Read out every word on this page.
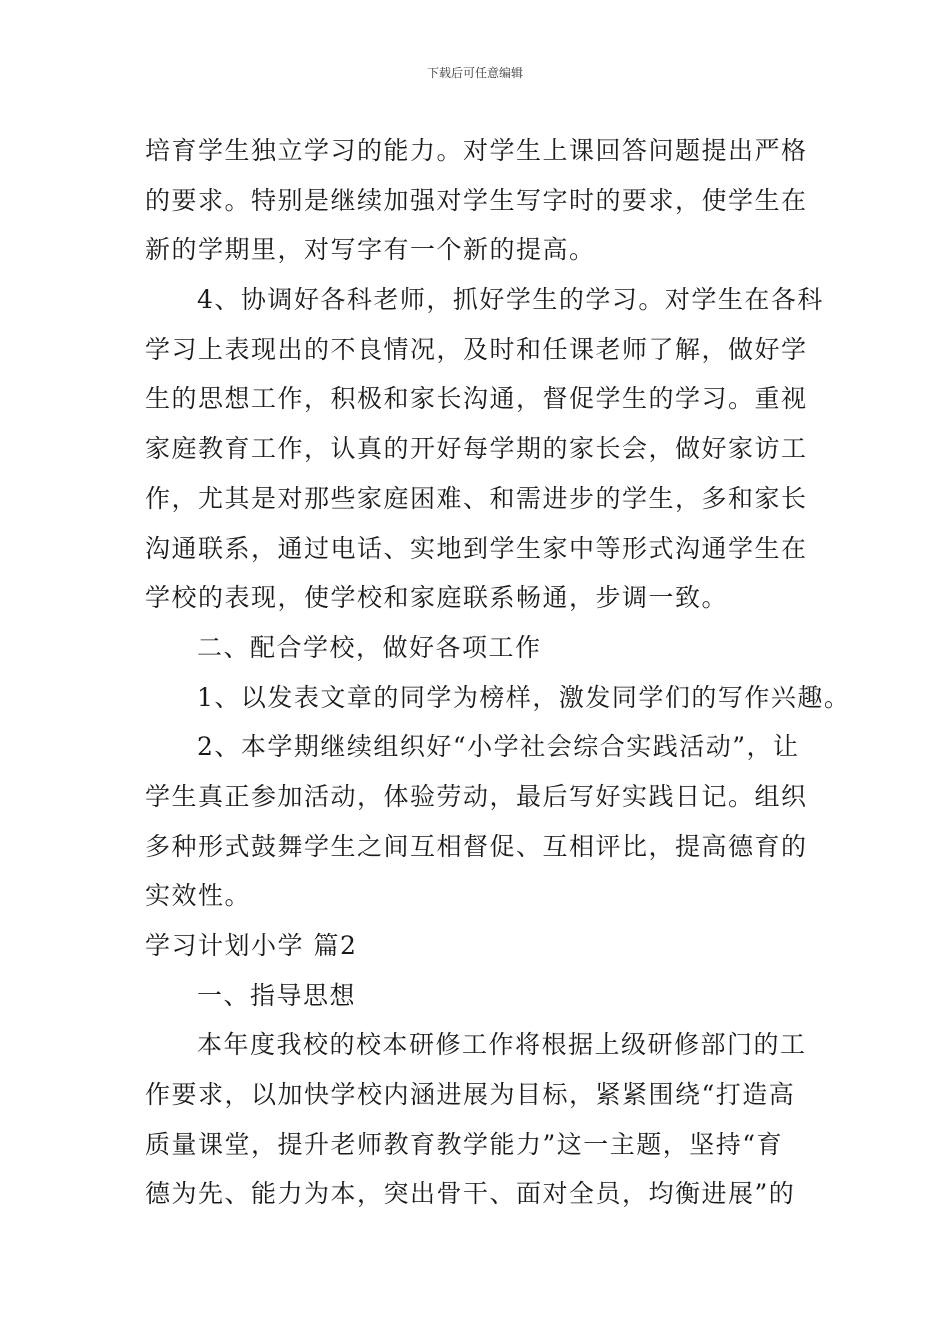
下载后可任意编辑
培育学生独立学习的能力。对学生上课回答问题提出严格
的要求。特别是继续加强对学生写字时的要求，使学生在
新的学期里，对写字有一个新的提高。
4、协调好各科老师，抓好学生的学习。对学生在各科
学习上表现出的不良情况，及时和任课老师了解，做好学
生的思想工作，积极和家长沟通，督促学生的学习。重视
家庭教育工作，认真的开好每学期的家长会，做好家访工
作，尤其是对那些家庭困难、和需进步的学生，多和家长
沟通联系，通过电话、实地到学生家中等形式沟通学生在
学校的表现，使学校和家庭联系畅通，步调一致。
二、配合学校，做好各项工作
1、以发表文章的同学为榜样，激发同学们的写作兴趣。
2、本学期继续组织好“小学社会综合实践活动”，让
学生真正参加活动，体验劳动，最后写好实践日记。组织
多种形式鼓舞学生之间互相督促、互相评比，提高德育的
实效性。
学习计划小学 篇2
一、指导思想
本年度我校的校本研修工作将根据上级研修部门的工
作要求，以加快学校内涵进展为目标，紧紧围绕“打造高
质量课堂，提升老师教育教学能力”这一主题，坚持“育
德为先、能力为本，突出骨干、面对全员，均衡进展”的
